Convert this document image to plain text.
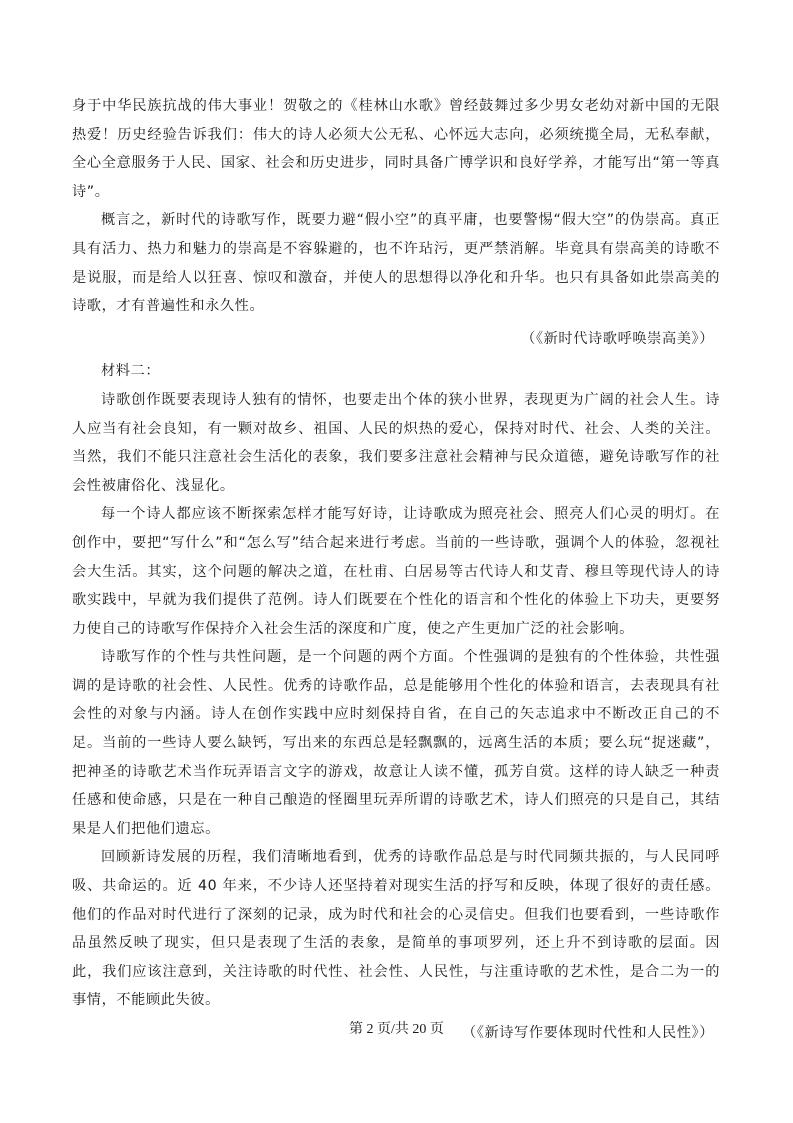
身于中华民族抗战的伟大事业！贺敬之的《桂林山水歌》曾经鼓舞过多少男女老幼对新中国的无限热爱！历史经验告诉我们：伟大的诗人必须大公无私、心怀远大志向，必须统揽全局，无私奉献，全心全意服务于人民、国家、社会和历史进步，同时具备广博学识和良好学养，才能写出“第一等真诗”。

概言之，新时代的诗歌写作，既要力避“假小空”的真平庸，也要警惕“假大空”的伪崇高。真正具有活力、热力和魅力的崇高是不容躲避的，也不许玷污，更严禁消解。毕竟具有崇高美的诗歌不是说服，而是给人以狂喜、惊叹和激奋，并使人的思想得以净化和升华。也只有具备如此崇高美的诗歌，才有普遍性和永久性。

（《新时代诗歌呼唤崇高美》）

材料二：

诗歌创作既要表现诗人独有的情怀，也要走出个体的狭小世界，表现更为广阔的社会人生。诗人应当有社会良知，有一颗对故乡、祖国、人民的炽热的爱心，保持对时代、社会、人类的关注。当然，我们不能只注意社会生活化的表象，我们要多注意社会精神与民众道德，避免诗歌写作的社会性被庸俗化、浅显化。

每一个诗人都应该不断探索怎样才能写好诗，让诗歌成为照亮社会、照亮人们心灵的明灯。在创作中，要把“写什么”和“怎么写”结合起来进行考虑。当前的一些诗歌，强调个人的体验，忽视社会大生活。其实，这个问题的解决之道，在杜甫、白居易等古代诗人和艾青、穆旦等现代诗人的诗歌实践中，早就为我们提供了范例。诗人们既要在个性化的语言和个性化的体验上下功夫，更要努力使自己的诗歌写作保持介入社会生活的深度和广度，使之产生更加广泛的社会影响。

诗歌写作的个性与共性问题，是一个问题的两个方面。个性强调的是独有的个性体验，共性强调的是诗歌的社会性、人民性。优秀的诗歌作品，总是能够用个性化的体验和语言，去表现具有社会性的对象与内涵。诗人在创作实践中应时刻保持自省，在自己的矢志追求中不断改正自己的不足。当前的一些诗人要么缺钙，写出来的东西总是轻飘飘的，远离生活的本质；要么玩“捉迷藏”，把神圣的诗歌艺术当作玩弄语言文字的游戏，故意让人读不懂，孤芳自赏。这样的诗人缺乏一种责任感和使命感，只是在一种自己酿造的怪圈里玩弄所谓的诗歌艺术，诗人们照亮的只是自己，其结果是人们把他们遗忘。

回顾新诗发展的历程，我们清晰地看到，优秀的诗歌作品总是与时代同频共振的，与人民同呼吸、共命运的。近 40 年来，不少诗人还坚持着对现实生活的抒写和反映，体现了很好的责任感。他们的作品对时代进行了深刻的记录，成为时代和社会的心灵信史。但我们也要看到，一些诗歌作品虽然反映了现实，但只是表现了生活的表象，是简单的事项罗列，还上升不到诗歌的层面。因此，我们应该注意到，关注诗歌的时代性、社会性、人民性，与注重诗歌的艺术性，是合二为一的事情，不能顾此失彼。

（《新诗写作要体现时代性和人民性》）

第 2 页/共 20 页
